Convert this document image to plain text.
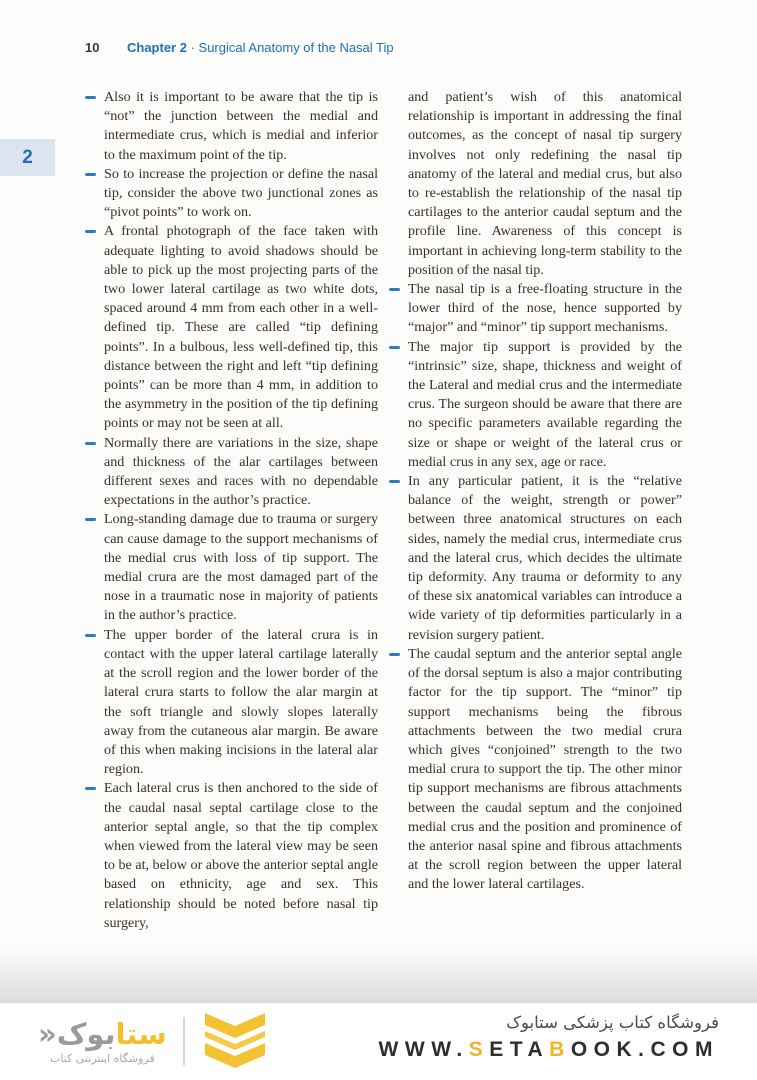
10 Chapter 2 · Surgical Anatomy of the Nasal Tip
2
Also it is important to be aware that the tip is “not” the junction between the medial and intermediate crus, which is medial and inferior to the maximum point of the tip.
So to increase the projection or define the nasal tip, consider the above two junctional zones as “pivot points” to work on.
A frontal photograph of the face taken with adequate lighting to avoid shadows should be able to pick up the most projecting parts of the two lower lateral cartilage as two white dots, spaced around 4 mm from each other in a well-defined tip. These are called “tip defining points”. In a bulbous, less well-defined tip, this distance between the right and left “tip defining points” can be more than 4 mm, in addition to the asymmetry in the position of the tip defining points or may not be seen at all.
Normally there are variations in the size, shape and thickness of the alar cartilages between different sexes and races with no dependable expectations in the author’s practice.
Long-standing damage due to trauma or surgery can cause damage to the support mechanisms of the medial crus with loss of tip support. The medial crura are the most damaged part of the nose in a traumatic nose in majority of patients in the author’s practice.
The upper border of the lateral crura is in contact with the upper lateral cartilage laterally at the scroll region and the lower border of the lateral crura starts to follow the alar margin at the soft triangle and slowly slopes laterally away from the cutaneous alar margin. Be aware of this when making incisions in the lateral alar region.
Each lateral crus is then anchored to the side of the caudal nasal septal cartilage close to the anterior septal angle, so that the tip complex when viewed from the lateral view may be seen to be at, below or above the anterior septal angle based on ethnicity, age and sex. This relationship should be noted before nasal tip surgery,

and patient’s wish of this anatomical relationship is important in addressing the final outcomes, as the concept of nasal tip surgery involves not only redefining the nasal tip anatomy of the lateral and medial crus, but also to re-establish the relationship of the nasal tip cartilages to the anterior caudal septum and the profile line. Awareness of this concept is important in achieving long-term stability to the position of the nasal tip.

The nasal tip is a free-floating structure in the lower third of the nose, hence supported by “major” and “minor” tip support mechanisms.
The major tip support is provided by the “intrinsic” size, shape, thickness and weight of the Lateral and medial crus and the intermediate crus. The surgeon should be aware that there are no specific parameters available regarding the size or shape or weight of the lateral crus or medial crus in any sex, age or race.
In any particular patient, it is the “relative balance of the weight, strength or power” between three anatomical structures on each sides, namely the medial crus, intermediate crus and the lateral crus, which decides the ultimate tip deformity. Any trauma or deformity to any of these six anatomical variables can introduce a wide variety of tip deformities particularly in a revision surgery patient.
The caudal septum and the anterior septal angle of the dorsal septum is also a major contributing factor for the tip support. The “minor” tip support mechanisms being the fibrous attachments between the two medial crura which gives “conjoined” strength to the two medial crura to support the tip. The other minor tip support mechanisms are fibrous attachments between the caudal septum and the conjoined medial crus and the position and prominence of the anterior nasal spine and fibrous attachments at the scroll region between the upper lateral and the lower lateral cartilages.
ستابوک«
فروشگاه اینترنتی کتاب
فروشگاه کتاب پزشکی ستابوک
WWW.SETABOOK.COM
